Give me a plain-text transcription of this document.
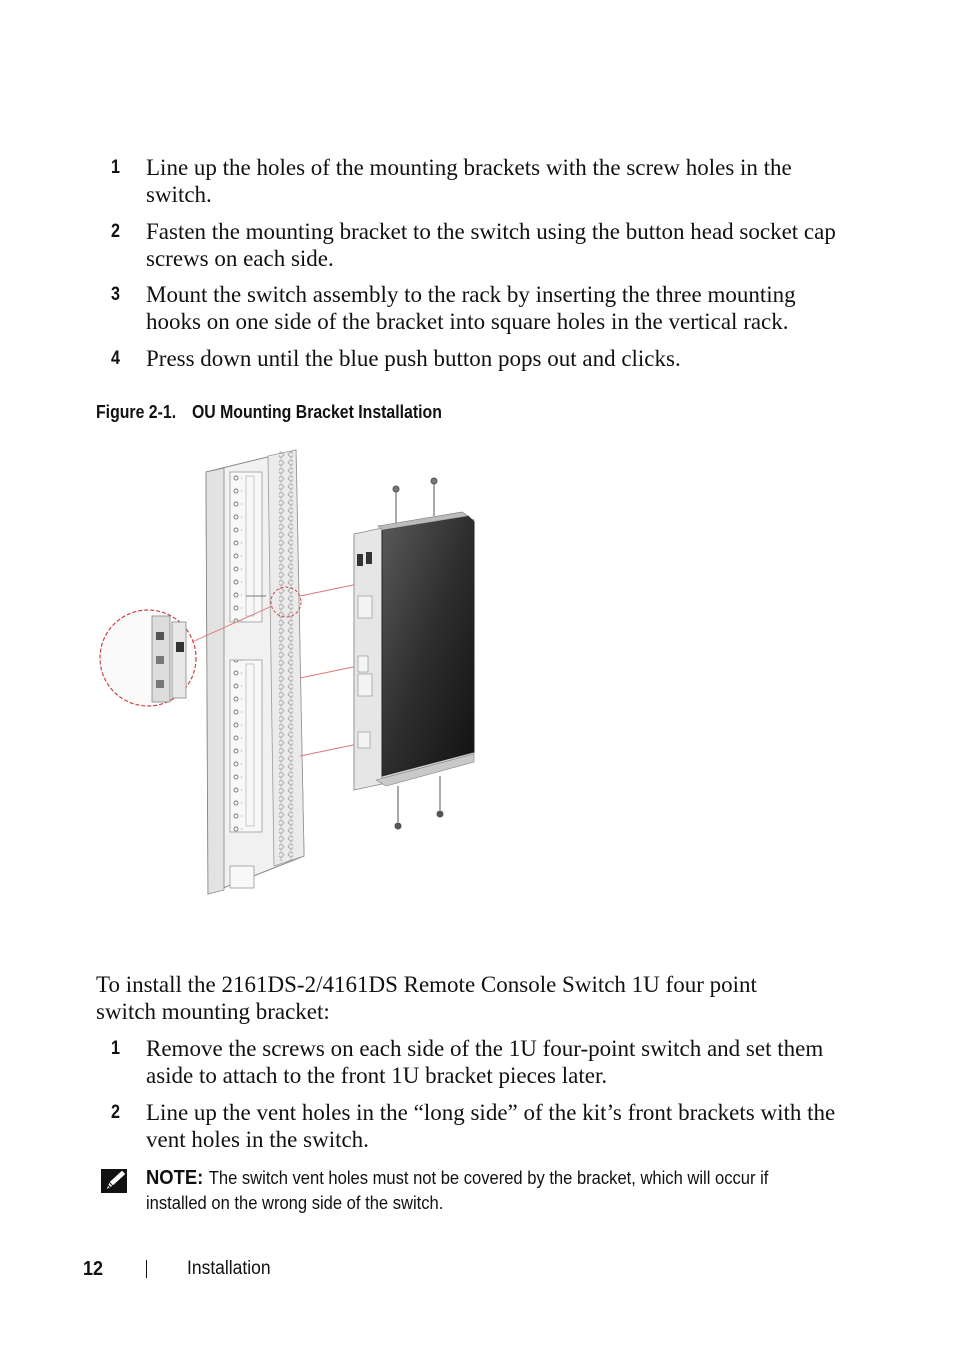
1 Line up the holes of the mounting brackets with the screw holes in the switch.
2 Fasten the mounting bracket to the switch using the button head socket cap screws on each side.
3 Mount the switch assembly to the rack by inserting the three mounting hooks on one side of the bracket into square holes in the vertical rack.
4 Press down until the blue push button pops out and clicks.
Figure 2-1. OU Mounting Bracket Installation
To install the 2161DS-2/4161DS Remote Console Switch 1U four point switch mounting bracket:
1 Remove the screws on each side of the 1U four-point switch and set them aside to attach to the front 1U bracket pieces later.
2 Line up the vent holes in the “long side” of the kit’s front brackets with the vent holes in the switch.
NOTE: The switch vent holes must not be covered by the bracket, which will occur if installed on the wrong side of the switch.
12	Installation
